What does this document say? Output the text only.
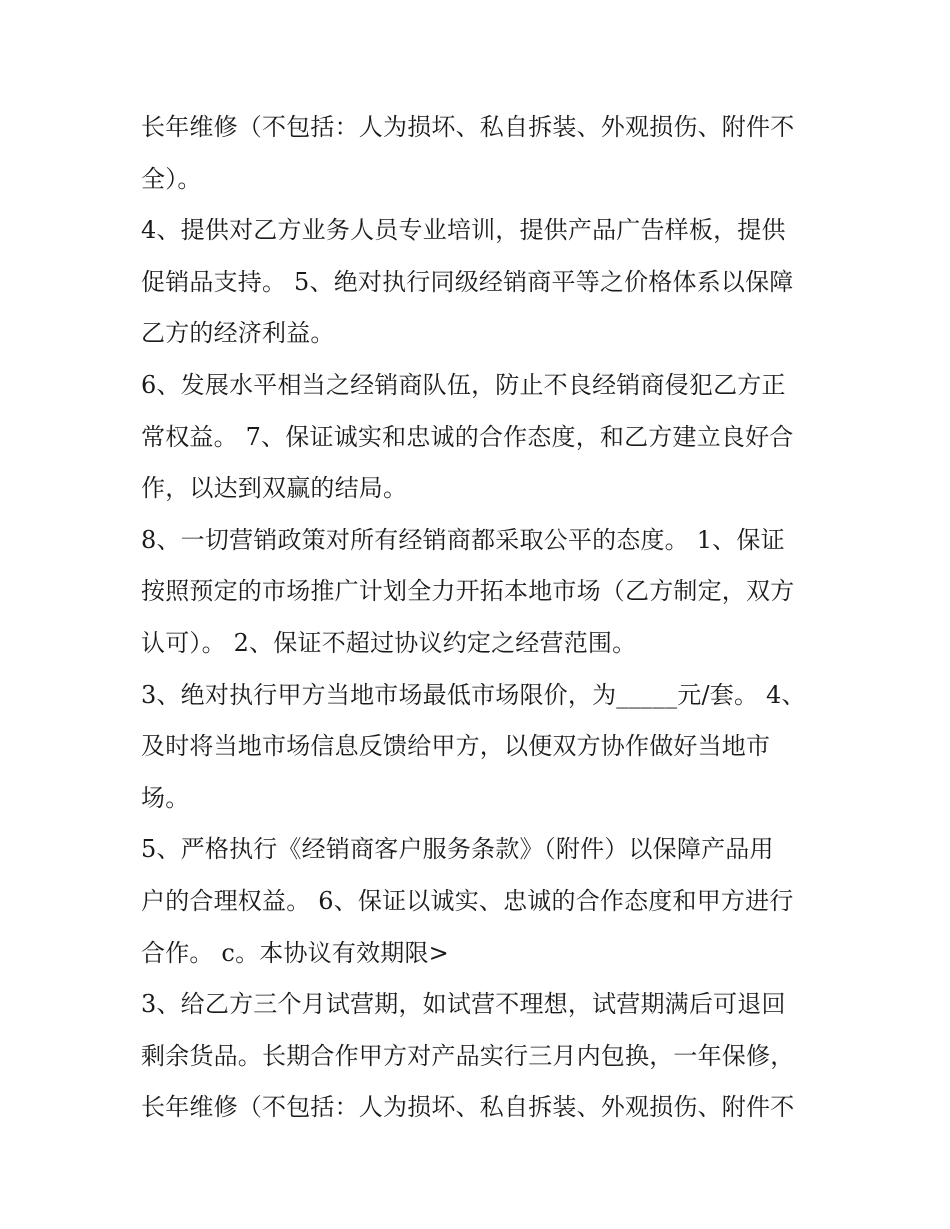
长年维修（不包括：人为损坏、私自拆装、外观损伤、附件不
全）。
4、提供对乙方业务人员专业培训，提供产品广告样板，提供
促销品支持。 5、绝对执行同级经销商平等之价格体系以保障
乙方的经济利益。
6、发展水平相当之经销商队伍，防止不良经销商侵犯乙方正
常权益。 7、保证诚实和忠诚的合作态度，和乙方建立良好合
作，以达到双赢的结局。
8、一切营销政策对所有经销商都采取公平的态度。 1、保证
按照预定的市场推广计划全力开拓本地市场（乙方制定，双方
认可）。 2、保证不超过协议约定之经营范围。
3、绝对执行甲方当地市场最低市场限价，为_____元/套。 4、
及时将当地市场信息反馈给甲方，以便双方协作做好当地市
场。
5、严格执行《经销商客户服务条款》（附件）以保障产品用
户的合理权益。 6、保证以诚实、忠诚的合作态度和甲方进行
合作。 c。本协议有效期限>
3、给乙方三个月试营期，如试营不理想，试营期满后可退回
剩余货品。长期合作甲方对产品实行三月内包换，一年保修，
长年维修（不包括：人为损坏、私自拆装、外观损伤、附件不
